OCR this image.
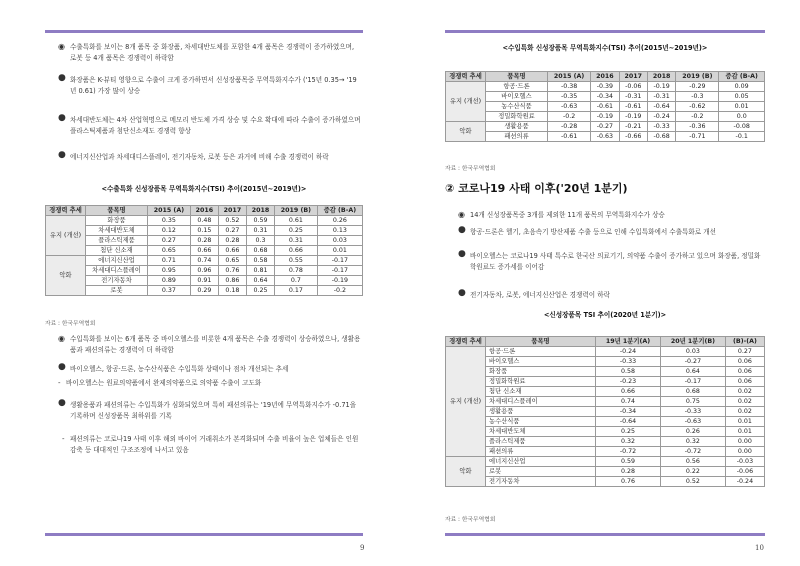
◉ 수출특화를 보이는 8개 품목 중 화장품, 차세대반도체를 포함한 4개 품목은 경쟁력이 증가하였으며, 로봇 등 4개 품목은 경쟁력이 하락함
● 화장품은 K-뷰티 영향으로 수출이 크게 증가하면서 신성장품목중 무역특화지수가 ('15년 0.35→ '19년 0.61) 가장 많이 상승
● 차세대반도체는 4차 산업혁명으로 메모리 반도체 가격 상승 및 수요 확대에 따라 수출이 증가하였으며 플라스틱제품과 첨단신소재도 경쟁력 향상
● 에너지신산업과 차세대디스플레이, 전기자동차, 로봇 등은 과거에 비해 수출 경쟁력이 하락
<수출특화 신성장품목 무역특화지수(TSI) 추이(2015년~2019년)>
경쟁력 추세	품목명	2015 (A)	2016	2017	2018	2019 (B)	증감 (B-A)
유지 (개선)	화장품	0.35	0.48	0.52	0.59	0.61	0.26
	차세대반도체	0.12	0.15	0.27	0.31	0.25	0.13
	플라스틱제품	0.27	0.28	0.28	0.3	0.31	0.03
	첨단 신소재	0.65	0.66	0.66	0.68	0.66	0.01
악화	에너지신산업	0.71	0.74	0.65	0.58	0.55	-0.17
	차세대디스플레이	0.95	0.96	0.76	0.81	0.78	-0.17
	전기자동차	0.89	0.91	0.86	0.64	0.7	-0.19
	로봇	0.37	0.29	0.18	0.25	0.17	-0.2
자료 : 한국무역협회
◉ 수입특화를 보이는 6개 품목 중 바이오헬스를 비롯한 4개 품목은 수출 경쟁력이 상승하였으나, 생활용품과 패션의류는 경쟁력이 더 하락함
● 바이오헬스, 항공·드론, 농수산식품은 수입특화 상태이나 점차 개선되는 추세
- 바이오헬스는 원료의약품에서 완제의약품으로 의약품 수출이 고도화
● 생활용품과 패션의류는 수입특화가 심화되었으며 특히 패션의류는 '19년에 무역특화지수가 -0.71을 기록하며 신성장품목 최하위를 기록
- 패션의류는 코로나19 사태 이후 해외 바이어 거래취소가 본격화되며 수출 비율이 높은 업체들은 인원 감축 등 대대적인 구조조정에 나서고 있음
9
<수입특화 신성장품목 무역특화지수(TSI) 추이(2015년~2019년)>
경쟁력 추세	품목명	2015 (A)	2016	2017	2018	2019 (B)	증감 (B-A)
유지 (개선)	항공·드론	-0.38	-0.39	-0.06	-0.19	-0.29	0.09
	바이오헬스	-0.35	-0.34	-0.31	-0.31	-0.3	0.05
	농수산식품	-0.63	-0.61	-0.61	-0.64	-0.62	0.01
	정밀화학원료	-0.2	-0.19	-0.19	-0.24	-0.2	0.0
악화	생활용품	-0.28	-0.27	-0.21	-0.33	-0.36	-0.08
	패션의류	-0.61	-0.63	-0.66	-0.68	-0.71	-0.1
자료 : 한국무역협회
② 코로나19 사태 이후('20년 1분기)
◉ 14개 신성장품목중 3개를 제외한 11개 품목의 무역특화지수가 상승
● 항공·드론은 헬기, 초음속기 방산제품 수출 등으로 인해 수입특화에서 수출특화로 개선
● 바이오헬스는 코로나19 사태 특수로 한국산 의료기기, 의약품 수출이 증가하고 있으며 화장품, 정밀화학원료도 증가세를 이어감
● 전기자동차, 로봇, 에너지신산업은 경쟁력이 하락
<신성장품목 TSI 추이(2020년 1분기)>
경쟁력 추세	품목명	19년 1분기(A)	20년 1분기(B)	(B)-(A)
유지 (개선)	항공·드론	-0.24	0.03	0.27
	바이오헬스	-0.33	-0.27	0.06
	화장품	0.58	0.64	0.06
	정밀화학원료	-0.23	-0.17	0.06
	첨단 신소재	0.66	0.68	0.02
	차세대디스플레이	0.74	0.75	0.02
	생활용품	-0.34	-0.33	0.02
	농수산식품	-0.64	-0.63	0.01
	차세대반도체	0.25	0.26	0.01
	플라스틱제품	0.32	0.32	0.00
	패션의류	-0.72	-0.72	0.00
악화	에너지신산업	0.59	0.56	-0.03
	로봇	0.28	0.22	-0.06
	전기자동차	0.76	0.52	-0.24
자료 : 한국무역협회
10
